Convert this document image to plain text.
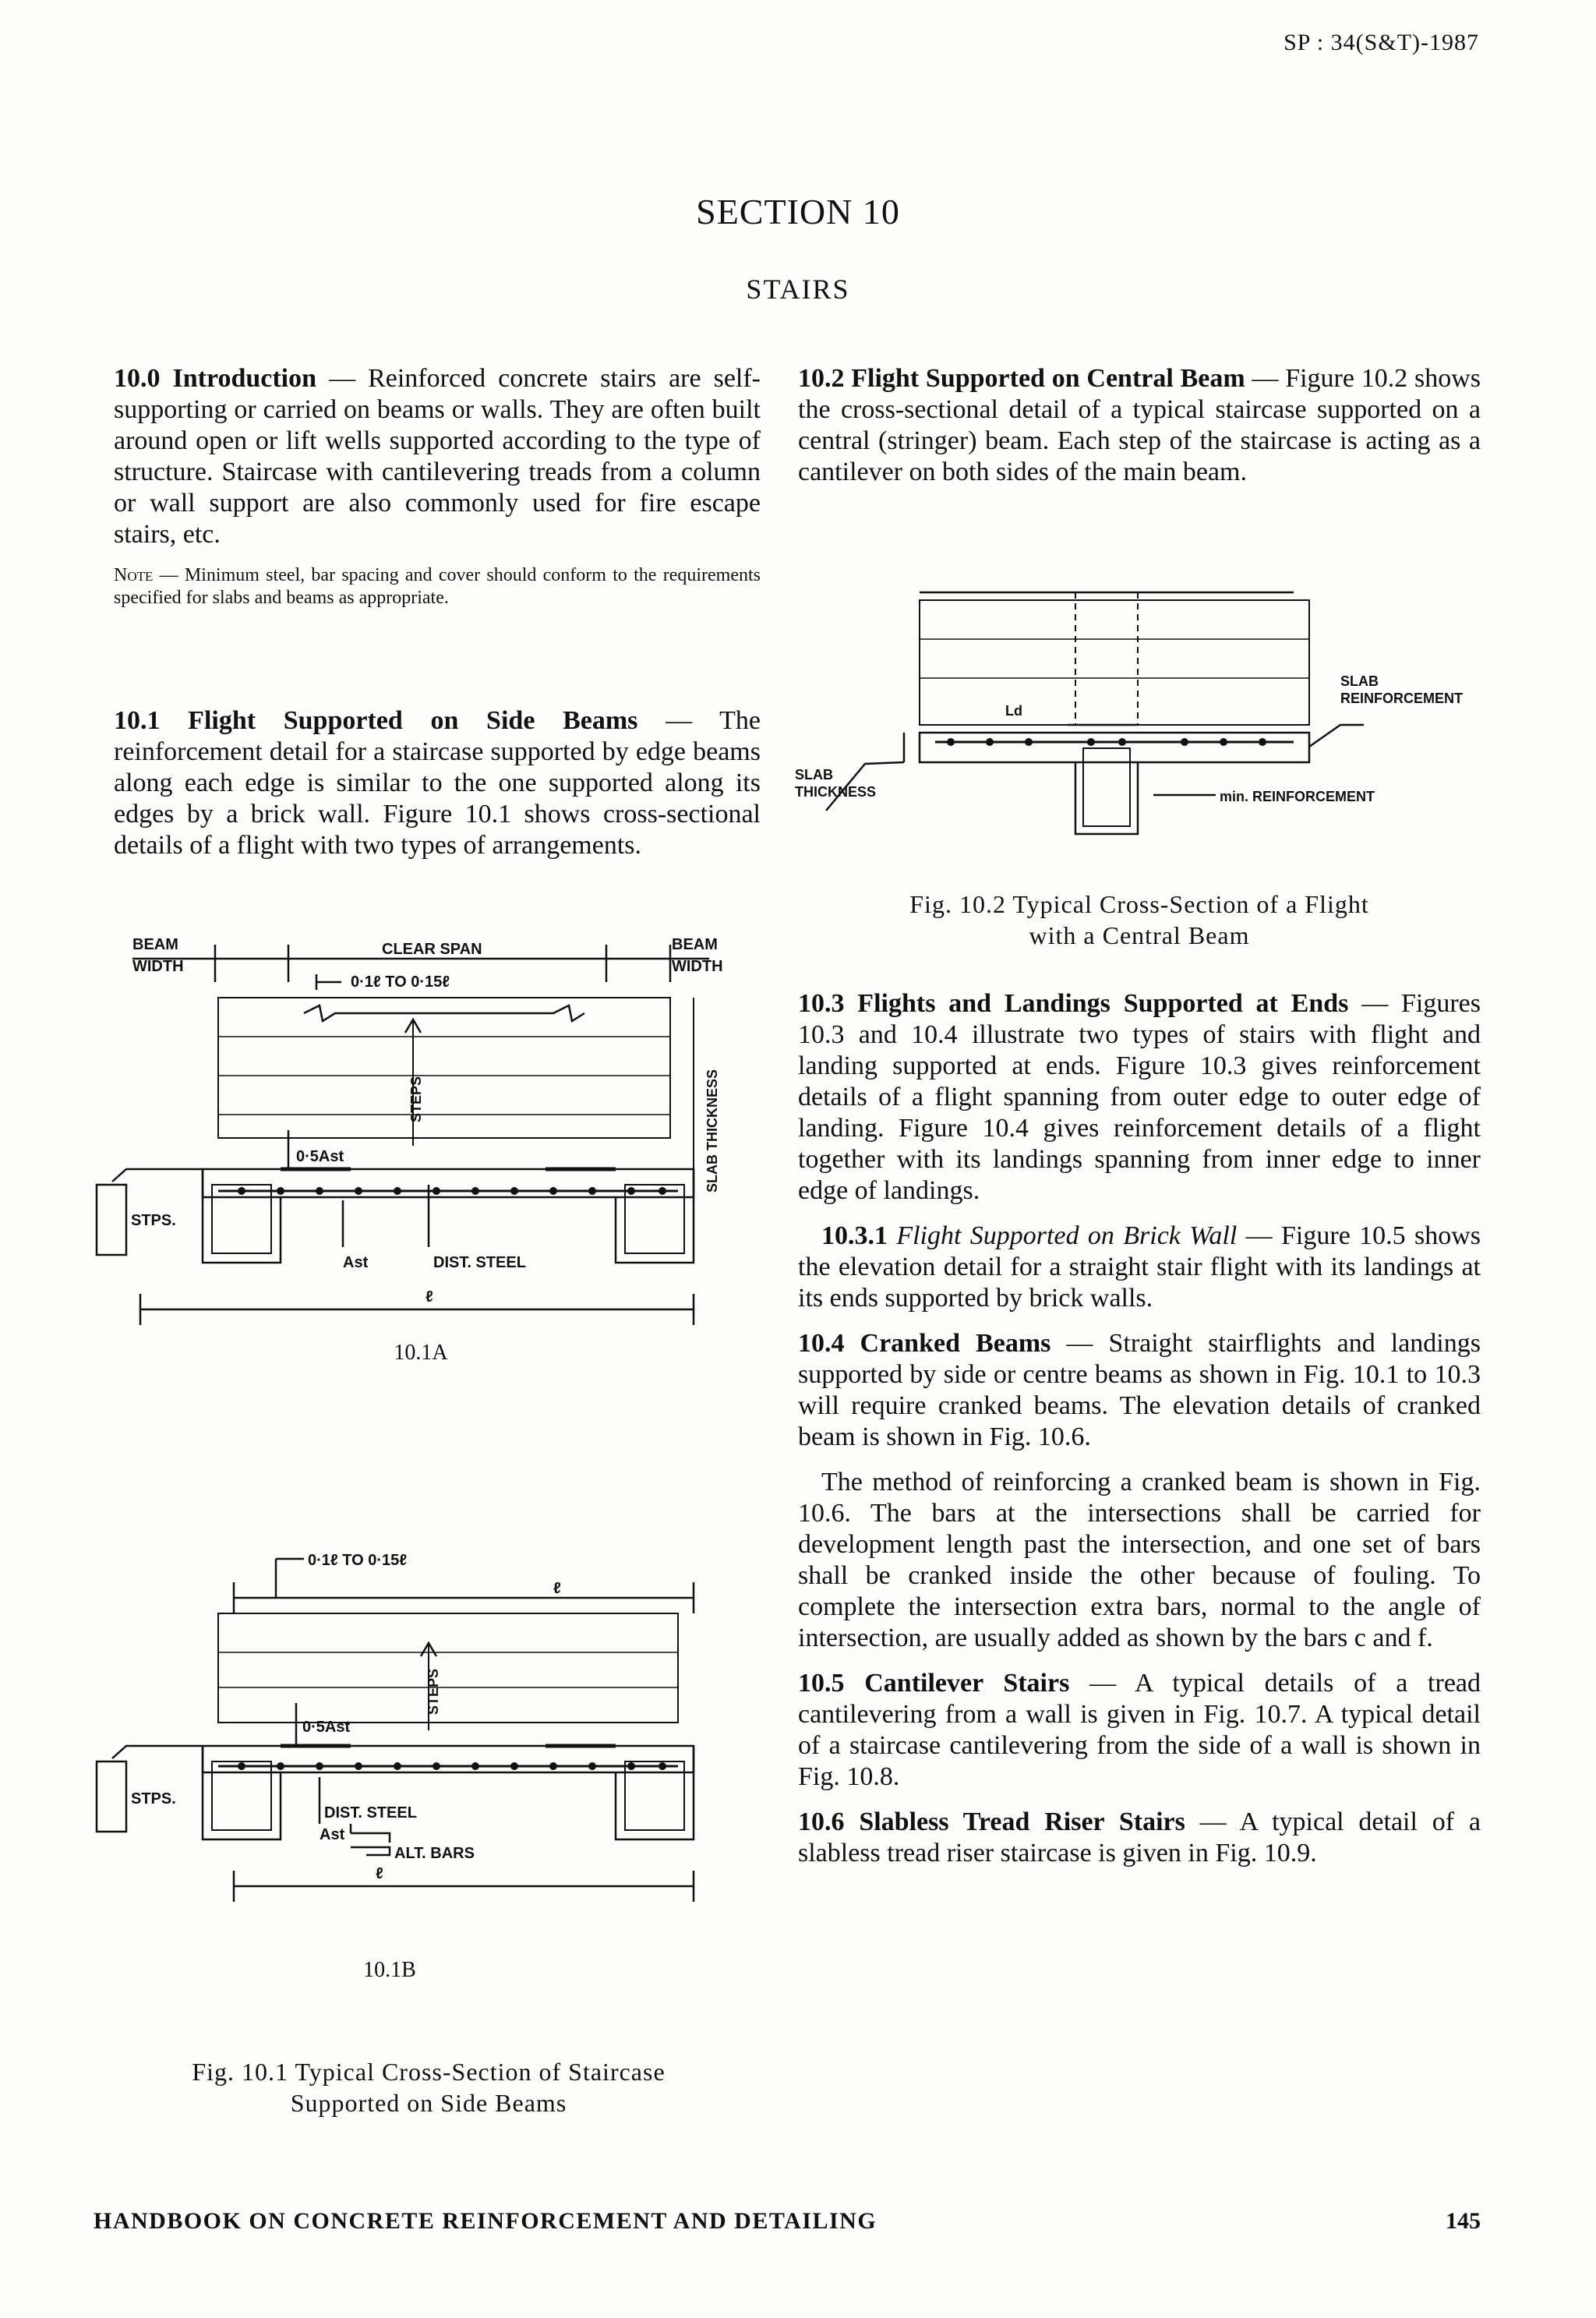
SP : 34(S&T)-1987
SECTION 10
STAIRS

10.0 Introduction — Reinforced concrete stairs are self-supporting or carried on beams or walls. They are often built around open or lift wells supported according to the type of structure. Staircase with cantilevering treads from a column or wall support are also commonly used for fire escape stairs, etc.

Note — Minimum steel, bar spacing and cover should conform to the requirements specified for slabs and beams as appropriate.

10.1 Flight Supported on Side Beams — The reinforcement detail for a staircase supported by edge beams along each edge is similar to the one supported along its edges by a brick wall. Figure 10.1 shows cross-sectional details of a flight with two types of arrangements.

BEAM
WIDTH
CLEAR SPAN	BEAM
WIDTH
0·1ℓ TO 0·15ℓ
STEPS	SLAB THICKNESS
0·5Ast
STPS.
Ast	DIST. STEEL
ℓ
10.1A
0·1ℓ TO 0·15ℓ
ℓ
STEPS
0·5Ast
STPS.
DIST. STEEL
Ast
ALT. BARS
ℓ
10.1B
Fig. 10.1 Typical Cross-Section of Staircase
Supported on Side Beams

10.2 Flight Supported on Central Beam — Figure 10.2 shows the cross-sectional detail of a typical staircase supported on a central (stringer) beam. Each step of the staircase is acting as a cantilever on both sides of the main beam.

Ld
SLAB
REINFORCEMENT
SLAB
THICKNESS	min. REINFORCEMENT
Fig. 10.2 Typical Cross-Section of a Flight
with a Central Beam

10.3 Flights and Landings Supported at Ends — Figures 10.3 and 10.4 illustrate two types of stairs with flight and landing supported at ends. Figure 10.3 gives reinforcement details of a flight spanning from outer edge to outer edge of landing. Figure 10.4 gives reinforcement details of a flight together with its landings spanning from inner edge to inner edge of landings.

10.3.1 Flight Supported on Brick Wall — Figure 10.5 shows the elevation detail for a straight stair flight with its landings at its ends supported by brick walls.

10.4 Cranked Beams — Straight stairflights and landings supported by side or centre beams as shown in Fig. 10.1 to 10.3 will require cranked beams. The elevation details of cranked beam is shown in Fig. 10.6.

The method of reinforcing a cranked beam is shown in Fig. 10.6. The bars at the intersections shall be carried for development length past the intersection, and one set of bars shall be cranked inside the other because of fouling. To complete the intersection extra bars, normal to the angle of intersection, are usually added as shown by the bars c and f.

10.5 Cantilever Stairs — A typical details of a tread cantilevering from a wall is given in Fig. 10.7. A typical detail of a staircase cantilevering from the side of a wall is shown in Fig. 10.8.

10.6 Slabless Tread Riser Stairs — A typical detail of a slabless tread riser staircase is given in Fig. 10.9.

HANDBOOK ON CONCRETE REINFORCEMENT AND DETAILING	145
